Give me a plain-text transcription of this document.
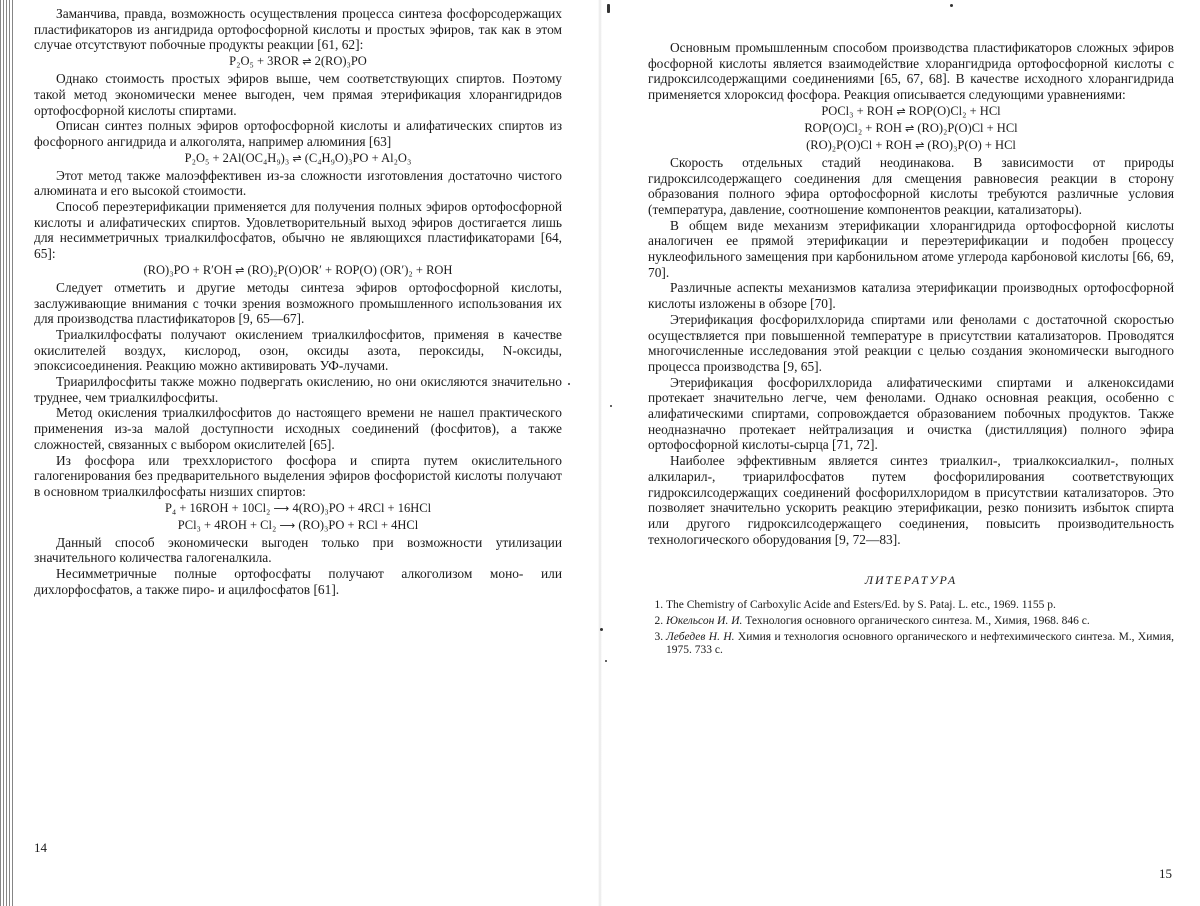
Заманчива, правда, возможность осуществления процесса синтеза фосфорсодержащих пластификаторов из ангидрида ортофосфорной кислоты и простых эфиров, так как в этом случае отсутствуют побочные продукты реакции [61, 62]:

P₂O₅ + 3ROR ⇌ 2(RO)₃PO

Однако стоимость простых эфиров выше, чем соответствующих спиртов. Поэтому такой метод экономически менее выгоден, чем прямая этерификация хлорангидридов ортофосфорной кислоты спиртами.

Описан синтез полных эфиров ортофосфорной кислоты и алифатических спиртов из фосфорного ангидрида и алкоголята, например алюминия [63]

P₂O₅ + 2Al(OC₄H₉)₃ ⇌ (C₄H₉O)₃PO + Al₂O₃

Этот метод также малоэффективен из-за сложности изготовления достаточно чистого алюмината и его высокой стоимости.

Способ переэтерификации применяется для получения полных эфиров ортофосфорной кислоты и алифатических спиртов. Удовлетворительный выход эфиров достигается лишь для несимметричных триалкилфосфатов, обычно не являющихся пластификаторами [64, 65]:

(RO)₃PO + R′OH ⇌ (RO)₂P(O)OR′ + ROP(O) (OR′)₂ + ROH

Следует отметить и другие методы синтеза эфиров ортофосфорной кислоты, заслуживающие внимания с точки зрения возможного промышленного использования их для производства пластификаторов [9, 65—67].

Триалкилфосфаты получают окислением триалкилфосфитов, применяя в качестве окислителей воздух, кислород, озон, оксиды азота, пероксиды, N-оксиды, эпоксисоединения. Реакцию можно активировать УФ-лучами.

Триарилфосфиты также можно подвергать окислению, но они окисляются значительно труднее, чем триалкилфосфиты.

Метод окисления триалкилфосфитов до настоящего времени не нашел практического применения из-за малой доступности исходных соединений (фосфитов), а также сложностей, связанных с выбором окислителей [65].

Из фосфора или треххлористого фосфора и спирта путем окислительного галогенирования без предварительного выделения эфиров фосфористой кислоты получают в основном триалкилфосфаты низших спиртов:

P₄ + 16ROH + 10Cl₂ ⟶ 4(RO)₃PO + 4RCl + 16HCl
PCl₃ + 4ROH + Cl₂ ⟶ (RO)₃PO + RCl + 4HCl

Данный способ экономически выгоден только при возможности утилизации значительного количества галогеналкила.

Несимметричные полные ортофосфаты получают алкоголизом моно- или дихлорфосфатов, а также пиро- и ацилфосфатов [61].

14

Основным промышленным способом производства пластификаторов сложных эфиров фосфорной кислоты является взаимодействие хлорангидрида ортофосфорной кислоты с гидроксилсодержащими соединениями [65, 67, 68]. В качестве исходного хлорангидрида применяется хлороксид фосфора. Реакция описывается следующими уравнениями:

POCl₃ + ROH ⇌ ROP(O)Cl₂ + HCl
ROP(O)Cl₂ + ROH ⇌ (RO)₂P(O)Cl + HCl
(RO)₂P(O)Cl + ROH ⇌ (RO)₃P(O) + HCl

Скорость отдельных стадий неодинакова. В зависимости от природы гидроксилсодержащего соединения для смещения равновесия реакции в сторону образования полного эфира ортофосфорной кислоты требуются различные условия (температура, давление, соотношение компонентов реакции, катализаторы).

В общем виде механизм этерификации хлорангидрида ортофосфорной кислоты аналогичен ее прямой этерификации и переэтерификации и подобен процессу нуклеофильного замещения при карбонильном атоме углерода карбоновой кислоты [66, 69, 70].

Различные аспекты механизмов катализа этерификации производных ортофосфорной кислоты изложены в обзоре [70].

Этерификация фосфорилхлорида спиртами или фенолами с достаточной скоростью осуществляется при повышенной температуре в присутствии катализаторов. Проводятся многочисленные исследования этой реакции с целью создания экономически выгодного процесса производства [9, 65].

Этерификация фосфорилхлорида алифатическими спиртами и алкеноксидами протекает значительно легче, чем фенолами. Однако основная реакция, особенно с алифатическими спиртами, сопровождается образованием побочных продуктов. Также неодназначно протекает нейтрализация и очистка (дистилляция) полного эфира ортофосфорной кислоты-сырца [71, 72].

Наиболее эффективным является синтез триалкил-, триалкоксиалкил-, полных алкиларил-, триарилфосфатов путем фосфорилирования соответствующих гидроксилсодержащих соединений фосфорилхлоридом в присутствии катализаторов. Это позволяет значительно ускорить реакцию этерификации, резко понизить избыток спирта или другого гидроксилсодержащего соединения, повысить производительность технологического оборудования [9, 72—83].

ЛИТЕРАТУРА
1. The Chemistry of Carboxylic Acide and Esters/Ed. by S. Pataj. L. etc., 1969. 1155 p.
2. Юкельсон И. И. Технология основного органического синтеза. М., Химия, 1968. 846 с.
3. Лебедев Н. Н. Химия и технология основного органического и нефтехимического синтеза. М., Химия, 1975. 733 с.
15
